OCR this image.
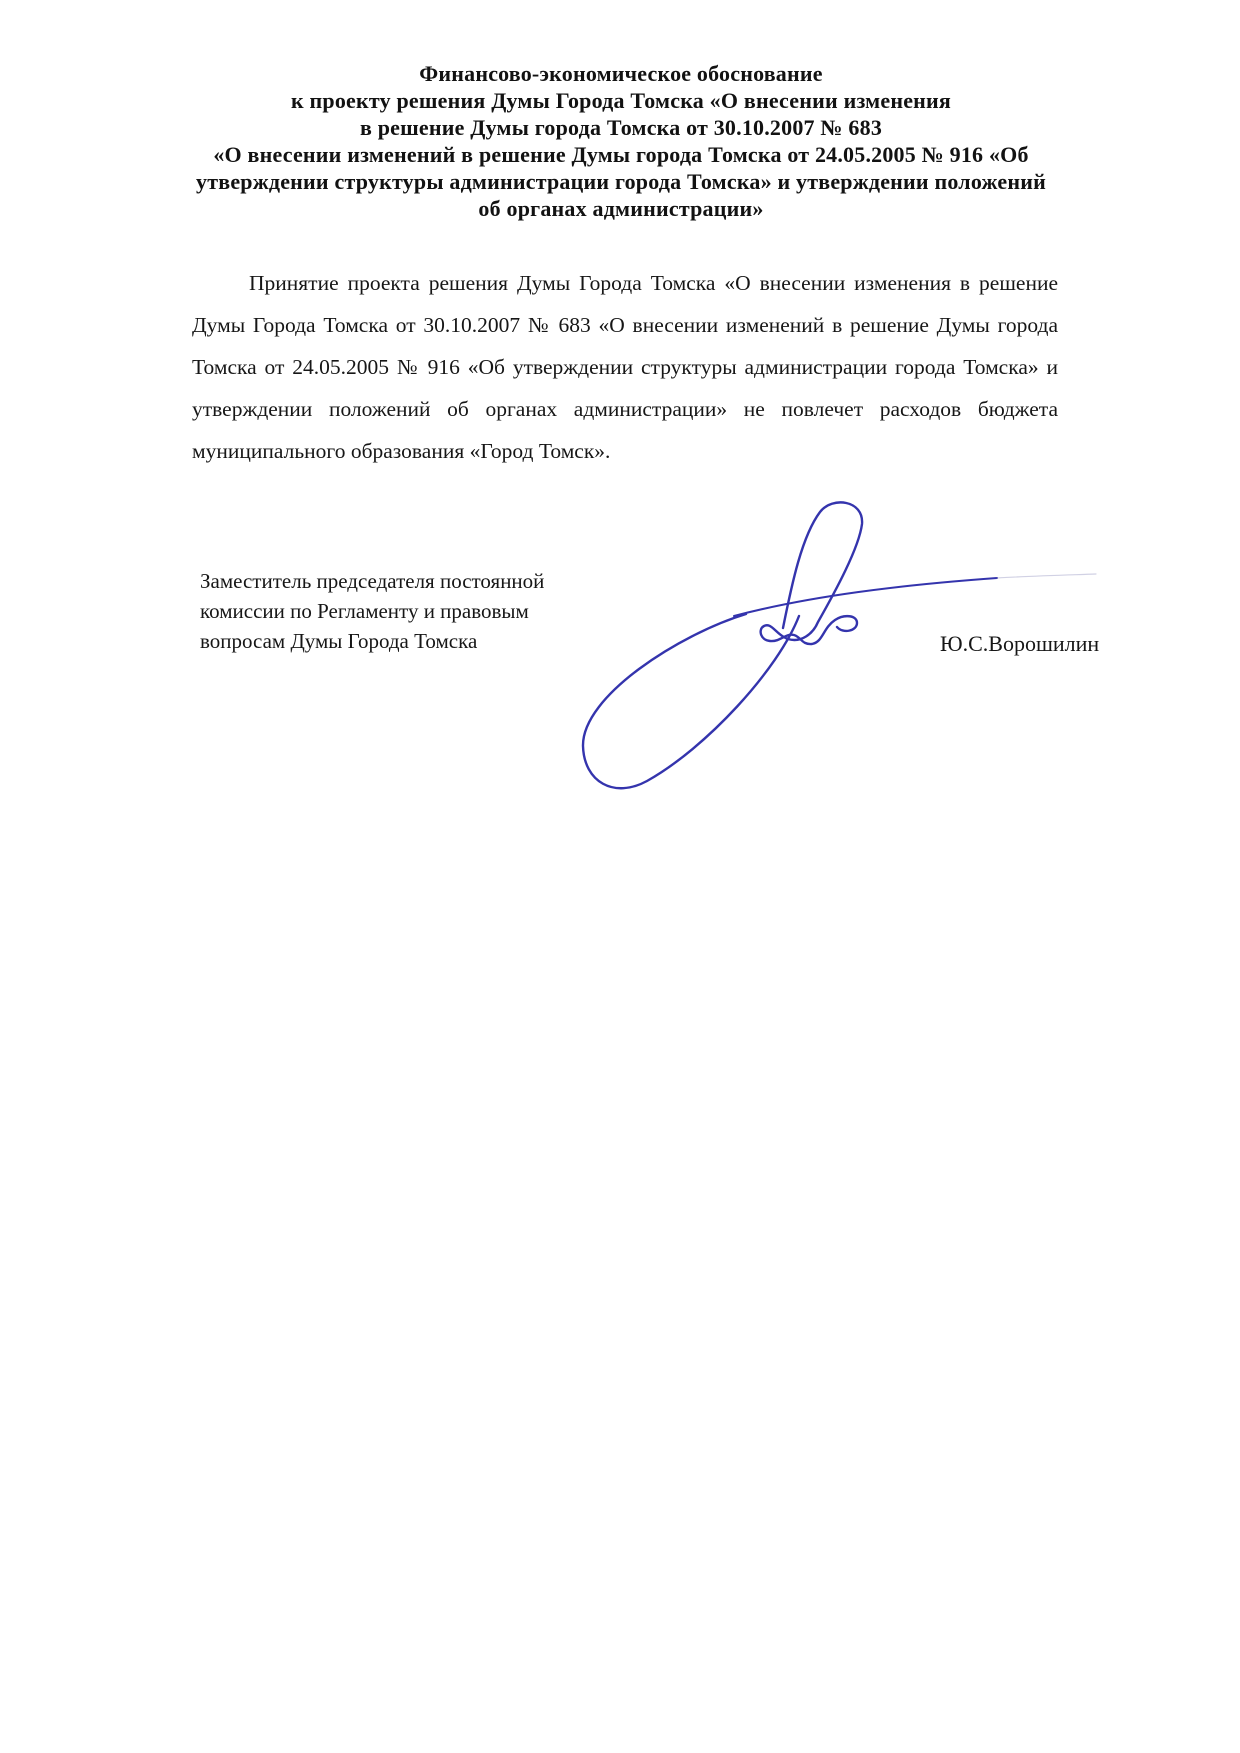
Финансово-экономическое обоснование
к проекту решения Думы Города Томска «О внесении изменения
в решение Думы города Томска от 30.10.2007 № 683
«О внесении изменений в решение Думы города Томска от 24.05.2005 № 916 «Об
утверждении структуры администрации города Томска» и утверждении положений
об органах администрации»

Принятие проекта решения Думы Города Томска «О внесении изменения в решение Думы Города Томска от 30.10.2007 № 683 «О внесении изменений в решение Думы города Томска от 24.05.2005 № 916 «Об утверждении структуры администрации города Томска» и утверждении положений об органах администрации» не повлечет расходов бюджета муниципального образования «Город Томск».

Заместитель председателя постоянной
комиссии по Регламенту и правовым
вопросам Думы Города Томска	Ю.С.Ворошилин
